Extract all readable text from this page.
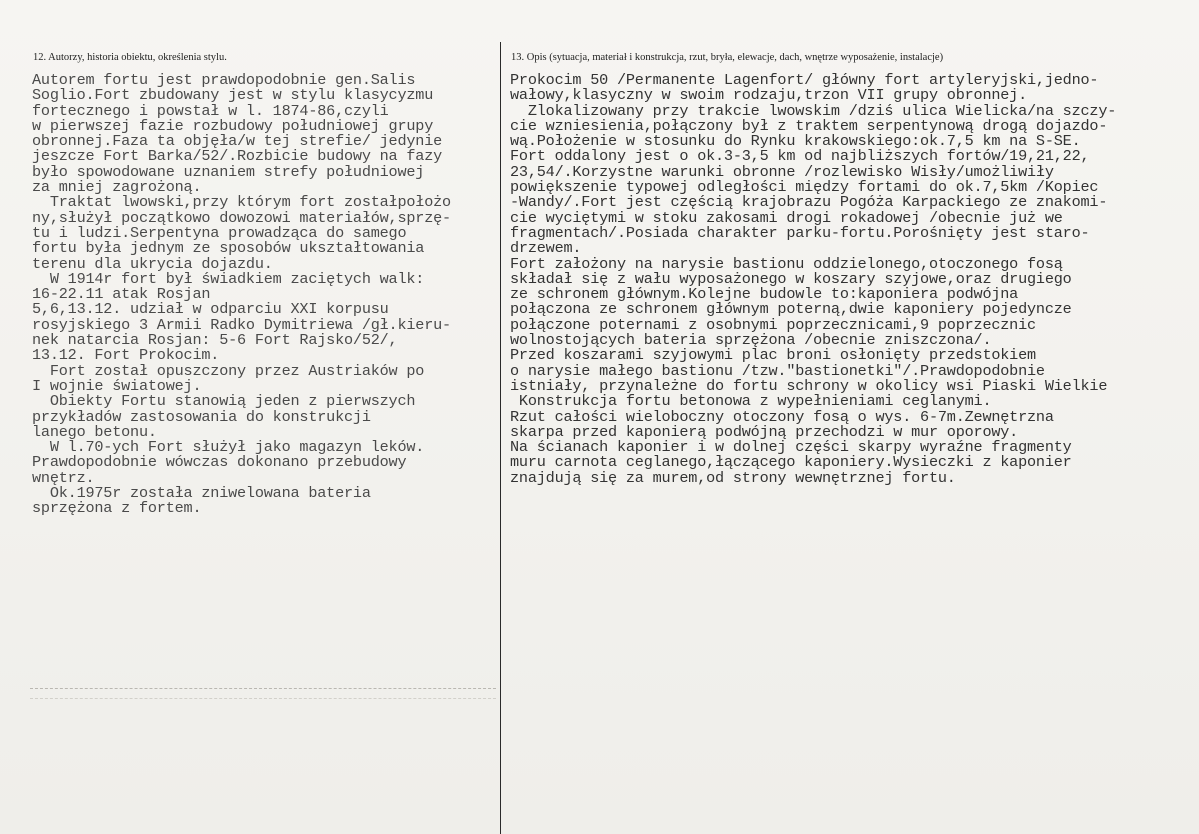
12. Autorzy, historia obiektu, określenia stylu.	13. Opis (sytuacja, materiał i konstrukcja, rzut, bryła, elewacje, dach, wnętrze wyposażenie, instalacje)
Autorem fortu jest prawdopodobnie gen.Salis
Soglio.Fort zbudowany jest w stylu klasycyzmu
fortecznego i powstał w l. 1874-86,czyli
w pierwszej fazie rozbudowy południowej grupy
obronnej.Faza ta objęła/w tej strefie/ jedynie
jeszcze Fort Barka/52/.Rozbicie budowy na fazy
było spowodowane uznaniem strefy południowej
za mniej zagrożoną.
Traktat lwowski,przy którym fort zostałpołożo
ny,służył początkowo dowozowi materiałów,sprzę-
tu i ludzi.Serpentyna prowadząca do samego
fortu była jednym ze sposobów ukształtowania
terenu dla ukrycia dojazdu.
W 1914r fort był świadkiem zaciętych walk:
16-22.11 atak Rosjan
5,6,13.12. udział w odparciu XXI korpusu
rosyjskiego 3 Armii Radko Dymitriewa /gł.kieru-
nek natarcia Rosjan: 5-6 Fort Rajsko/52/,
13.12. Fort Prokocim.
Fort został opuszczony przez Austriaków po
I wojnie światowej.
Obiekty Fortu stanowią jeden z pierwszych
przykładów zastosowania do konstrukcji
lanego betonu.
W l.70-ych Fort służył jako magazyn leków.
Prawdopodobnie wówczas dokonano przebudowy
wnętrz.
Ok.1975r została zniwelowana bateria
sprzężona z fortem.
Prokocim 50 /Permanente Lagenfort/ główny fort artyleryjski,jedno-
wałowy,klasyczny w swoim rodzaju,trzon VII grupy obronnej.
Zlokalizowany przy trakcie lwowskim /dziś ulica Wielicka/na szczy-
cie wzniesienia,połączony był z traktem serpentynową drogą dojazdo-
wą.Położenie w stosunku do Rynku krakowskiego:ok.7,5 km na S-SE.
Fort oddalony jest o ok.3-3,5 km od najbliższych fortów/19,21,22,
23,54/.Korzystne warunki obronne /rozlewisko Wisły/umożliwiły
powiększenie typowej odległości między fortami do ok.7,5km /Kopiec
-Wandy/.Fort jest częścią krajobrazu Pogóża Karpackiego ze znakomi-
cie wyciętymi w stoku zakosami drogi rokadowej /obecnie już we
fragmentach/.Posiada charakter parku-fortu.Porośnięty jest staro-
drzewem.
Fort założony na narysie bastionu oddzielonego,otoczonego fosą
składał się z wału wyposażonego w koszary szyjowe,oraz drugiego
ze schronem głównym.Kolejne budowle to:kaponiera podwójna
połączona ze schronem głównym poterną,dwie kaponiery pojedyncze
połączone poternami z osobnymi poprzecznicami,9 poprzecznic
wolnostojących bateria sprzężona /obecnie zniszczona/.
Przed koszarami szyjowymi plac broni osłonięty przedstokiem
o narysie małego bastionu /tzw."bastionetki"/.Prawdopodobnie
istniały, przynależne do fortu schrony w okolicy wsi Piaski Wielkie
Konstrukcja fortu betonowa z wypełnieniami ceglanymi.
Rzut całości wieloboczny otoczony fosą o wys. 6-7m.Zewnętrzna
skarpa przed kaponierą podwójną przechodzi w mur oporowy.
Na ścianach kaponier i w dolnej części skarpy wyraźne fragmenty
muru carnota ceglanego,łączącego kaponiery.Wysieczki z kaponier
znajdują się za murem,od strony wewnętrznej fortu.
